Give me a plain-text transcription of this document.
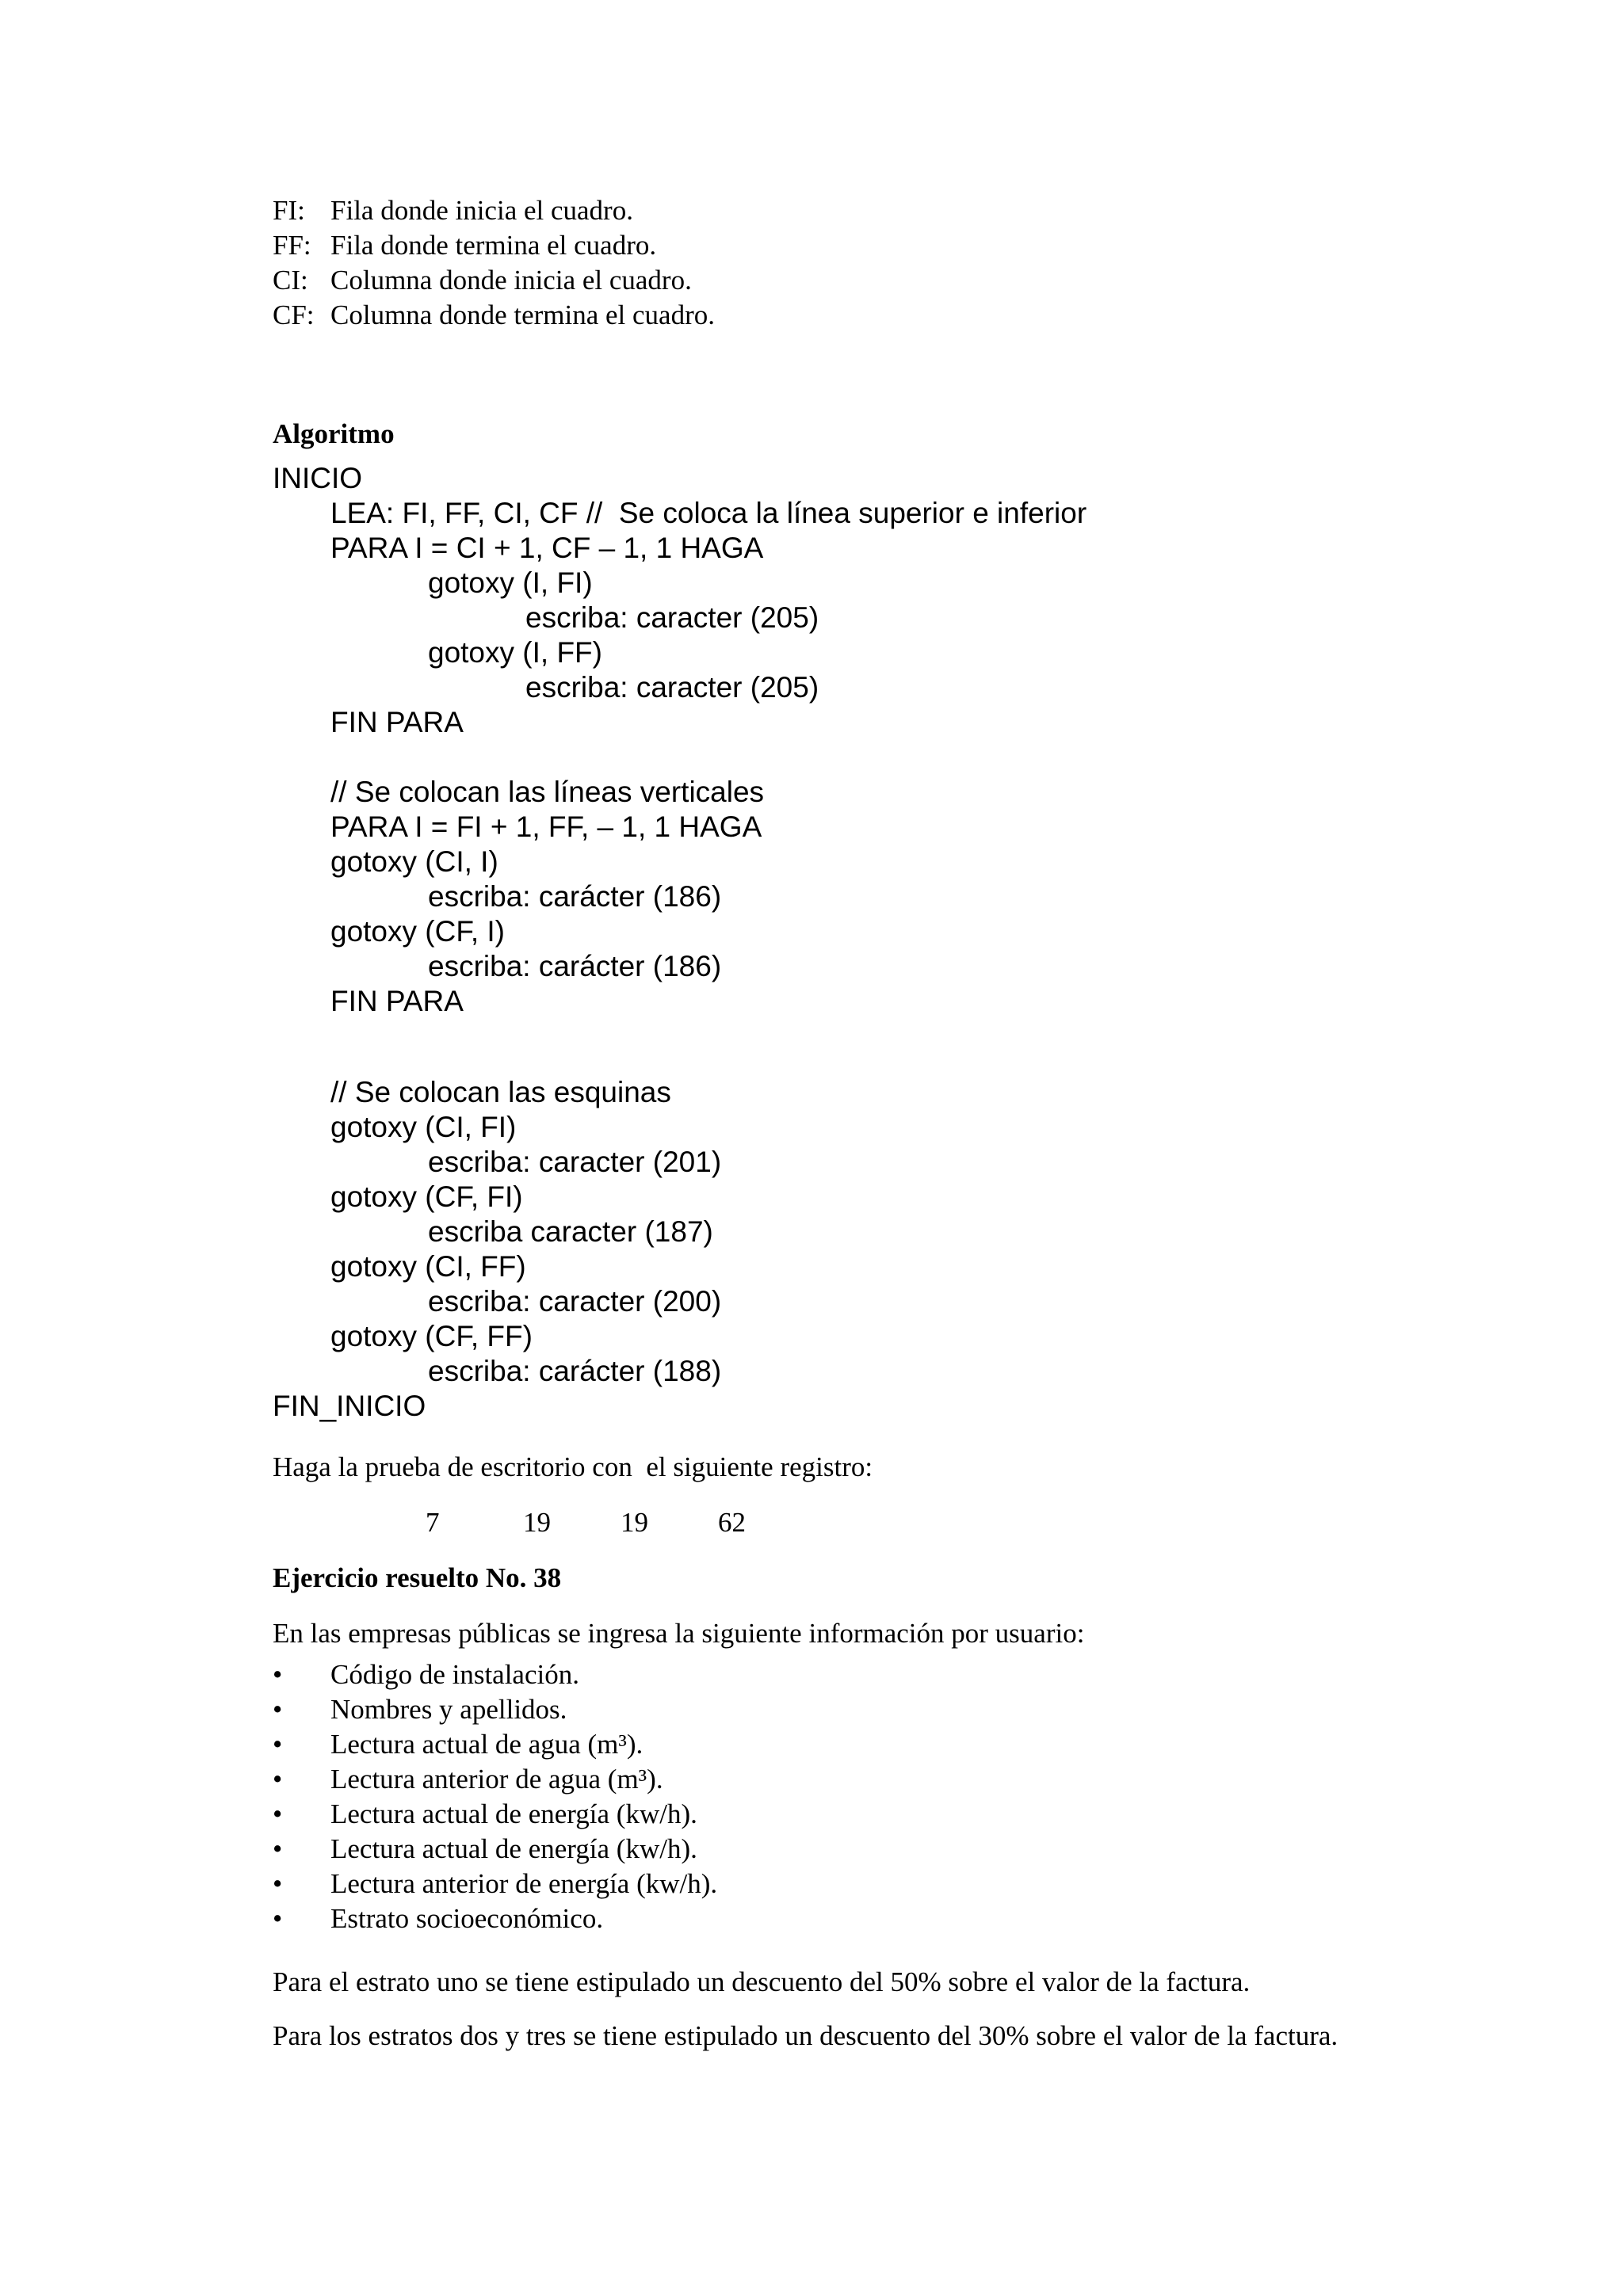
FI: Fila donde inicia el cuadro.
FF: Fila donde termina el cuadro.
CI: Columna donde inicia el cuadro.
CF: Columna donde termina el cuadro.
Algoritmo
INICIO
LEA: FI, FF, CI, CF //  Se coloca la línea superior e inferior
PARA I = CI + 1, CF – 1, 1 HAGA
gotoxy (I, FI)
escriba: caracter (205)
gotoxy (I, FF)
escriba: caracter (205)
FIN PARA
// Se colocan las líneas verticales
PARA I = FI + 1, FF, – 1, 1 HAGA
gotoxy (CI, I)
escriba: carácter (186)
gotoxy (CF, I)
escriba: carácter (186)
FIN PARA
// Se colocan las esquinas
gotoxy (CI, FI)
escriba: caracter (201)
gotoxy (CF, FI)
escriba caracter (187)
gotoxy (CI, FF)
escriba: caracter (200)
gotoxy (CF, FF)
escriba: carácter (188)
FIN_INICIO
Haga la prueba de escritorio con  el siguiente registro:
7	19	19	62
Ejercicio resuelto No. 38
En las empresas públicas se ingresa la siguiente información por usuario:
•	Código de instalación.
•	Nombres y apellidos.
•	Lectura actual de agua (m³).
•	Lectura anterior de agua (m³).
•	Lectura actual de energía (kw/h).
•	Lectura actual de energía (kw/h).
•	Lectura anterior de energía (kw/h).
•	Estrato socioeconómico.
Para el estrato uno se tiene estipulado un descuento del 50% sobre el valor de la factura.
Para los estratos dos y tres se tiene estipulado un descuento del 30% sobre el valor de la factura.
